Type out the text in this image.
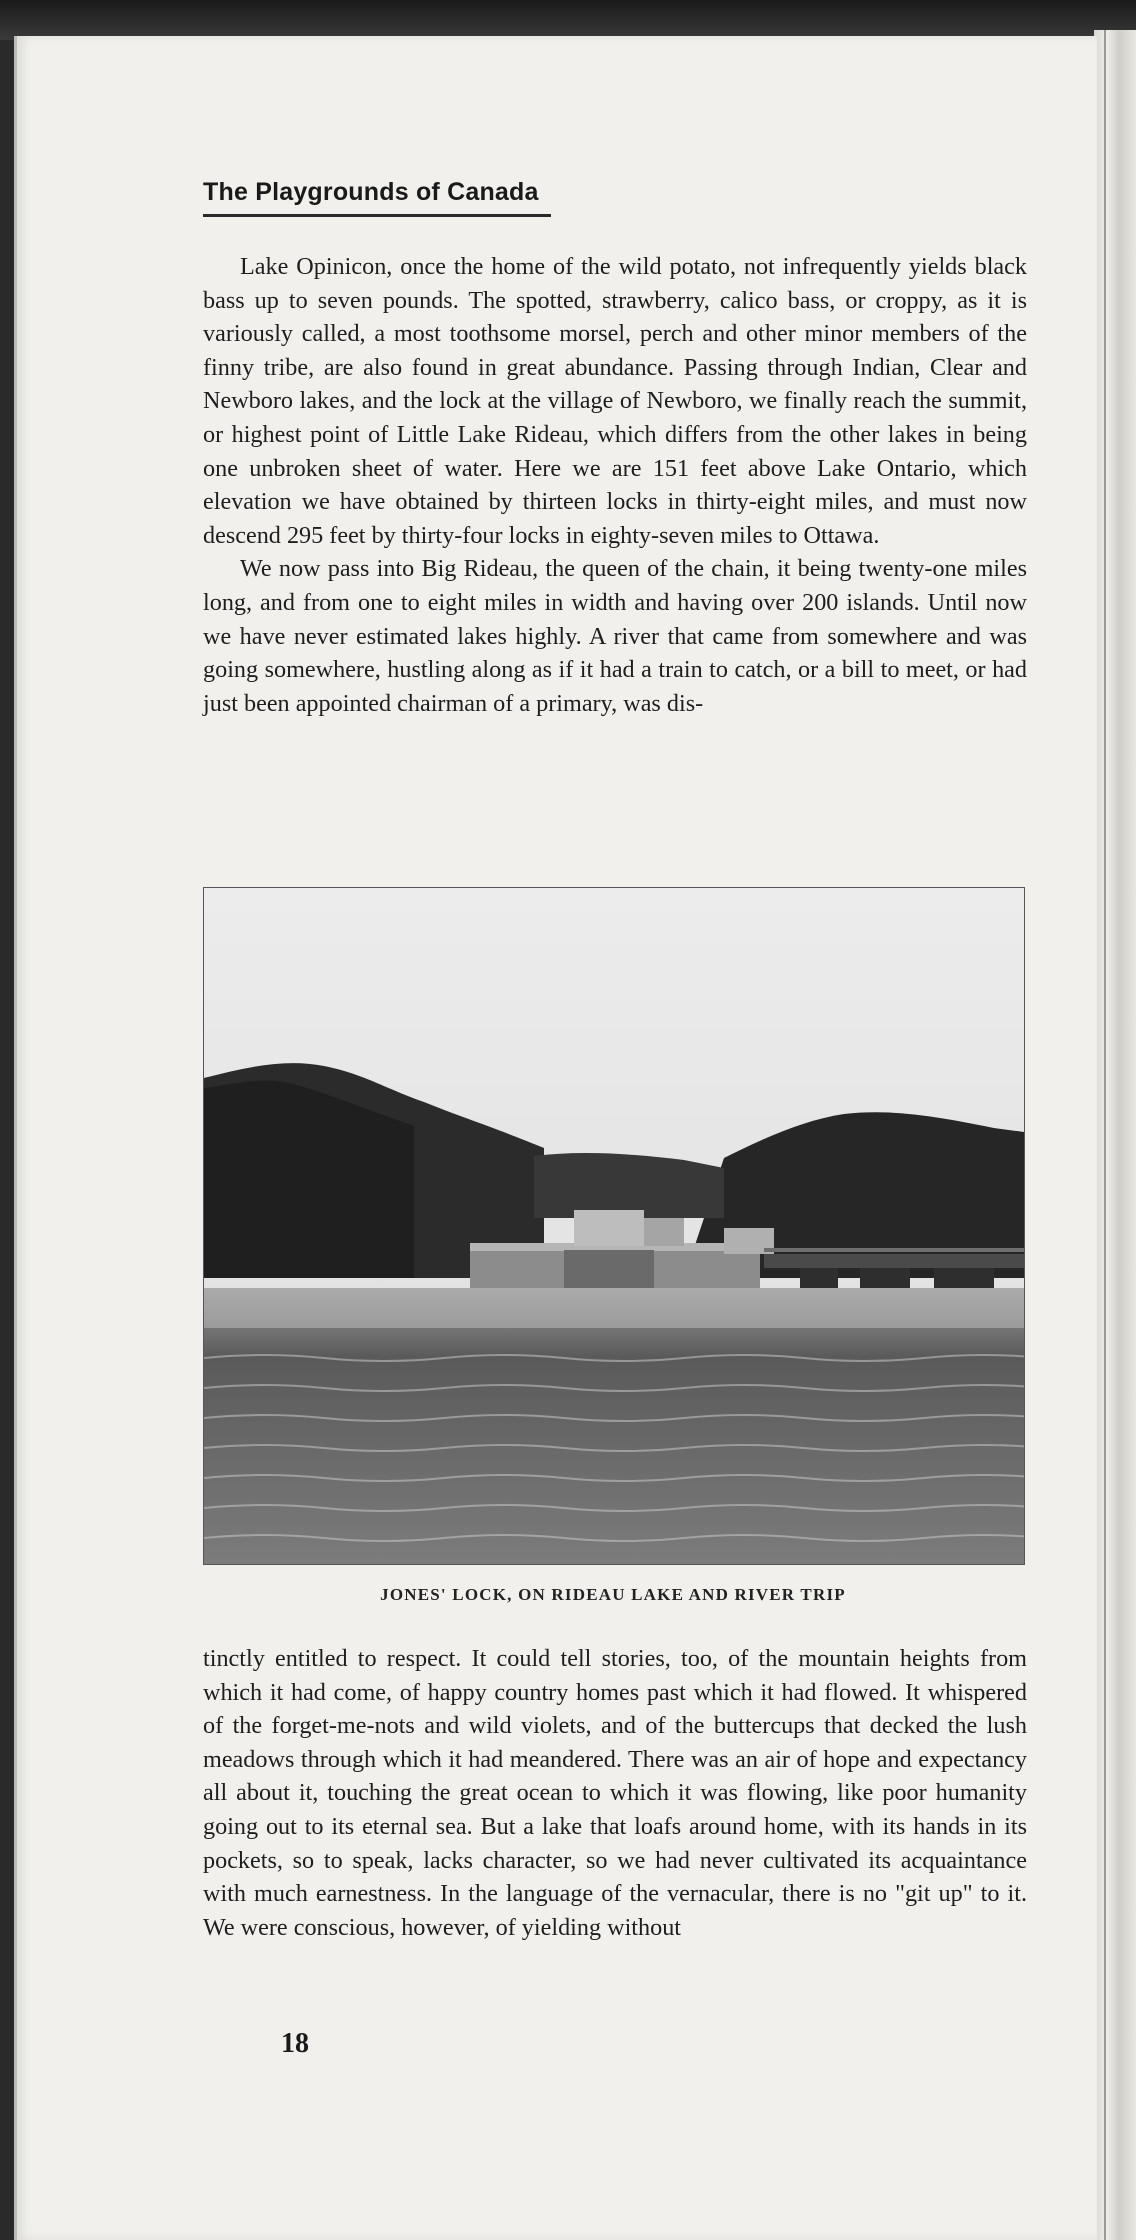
The Playgrounds of Canada

Lake Opinicon, once the home of the wild potato, not infrequently yields black bass up to seven pounds. The spotted, strawberry, calico bass, or croppy, as it is variously called, a most toothsome morsel, perch and other minor members of the finny tribe, are also found in great abundance. Passing through Indian, Clear and Newboro lakes, and the lock at the village of Newboro, we finally reach the summit, or highest point of Little Lake Rideau, which differs from the other lakes in being one unbroken sheet of water. Here we are 151 feet above Lake Ontario, which elevation we have obtained by thirteen locks in thirty-eight miles, and must now descend 295 feet by thirty-four locks in eighty-seven miles to Ottawa.

We now pass into Big Rideau, the queen of the chain, it being twenty-one miles long, and from one to eight miles in width and having over 200 islands. Until now we have never estimated lakes highly. A river that came from somewhere and was going somewhere, hustling along as if it had a train to catch, or a bill to meet, or had just been appointed chairman of a primary, was dis-

JONES' LOCK, ON RIDEAU LAKE AND RIVER TRIP

tinctly entitled to respect. It could tell stories, too, of the mountain heights from which it had come, of happy country homes past which it had flowed. It whispered of the forget-me-nots and wild violets, and of the buttercups that decked the lush meadows through which it had meandered. There was an air of hope and expectancy all about it, touching the great ocean to which it was flowing, like poor humanity going out to its eternal sea. But a lake that loafs around home, with its hands in its pockets, so to speak, lacks character, so we had never cultivated its acquaintance with much earnestness. In the language of the vernacular, there is no "git up" to it. We were conscious, however, of yielding without

18
